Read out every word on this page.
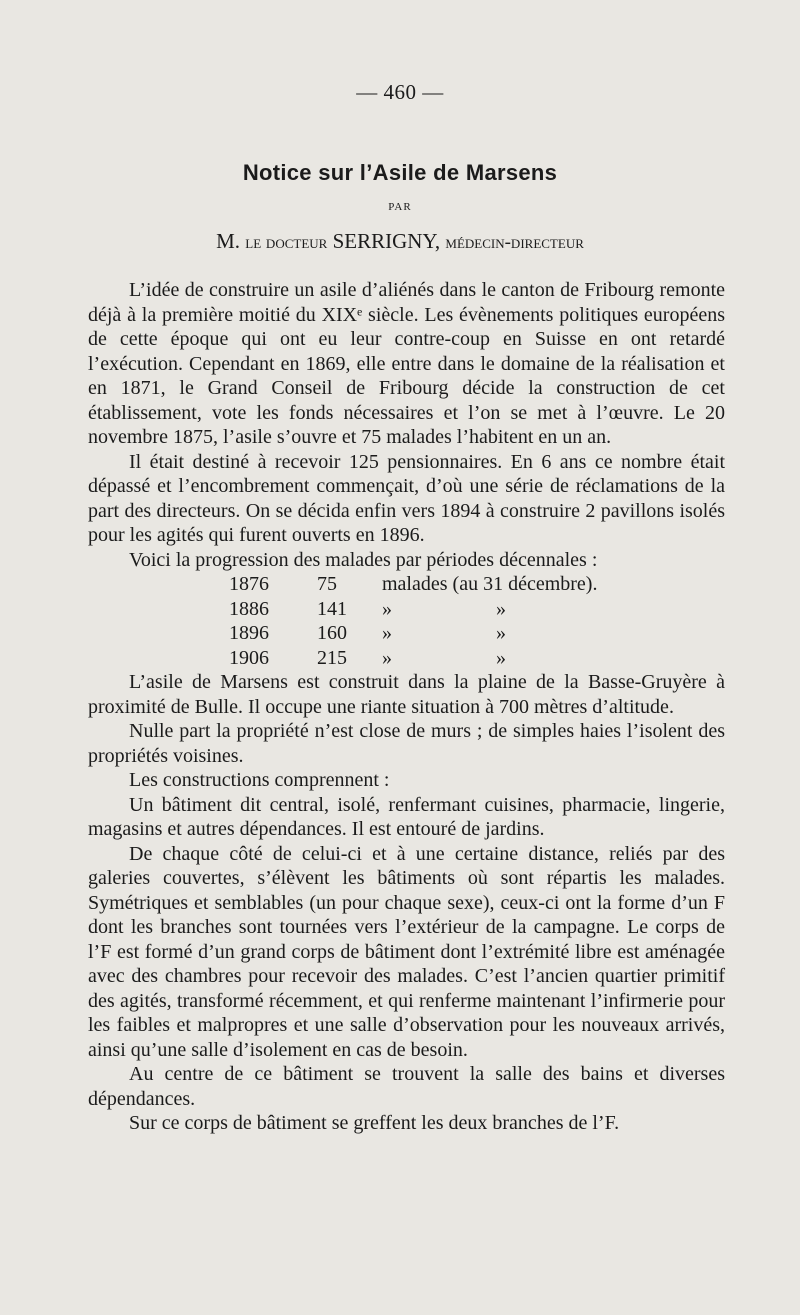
— 460 —
Notice sur l’Asile de Marsens
PAR
M. le docteur SERRIGNY, médecin-directeur

L’idée de construire un asile d’aliénés dans le canton de Fribourg remonte déjà à la première moitié du XIXᵉ siècle. Les évènements politiques européens de cette époque qui ont eu leur contre-coup en Suisse en ont retardé l’exécution. Cependant en 1869, elle entre dans le domaine de la réalisation et en 1871, le Grand Conseil de Fribourg décide la construction de cet établissement, vote les fonds nécessaires et l’on se met à l’œuvre. Le 20 novembre 1875, l’asile s’ouvre et 75 malades l’habitent en un an.

Il était destiné à recevoir 125 pensionnaires. En 6 ans ce nombre était dépassé et l’encombrement commençait, d’où une série de réclamations de la part des directeurs. On se décida enfin vers 1894 à construire 2 pavillons isolés pour les agités qui furent ouverts en 1896.

Voici la progression des malades par périodes décennales :

1876	75	malades (au 31 décembre).	
1886	141	»	»
1896	160	»	»
1906	215	»	»

L’asile de Marsens est construit dans la plaine de la Basse-Gruyère à proximité de Bulle. Il occupe une riante situation à 700 mètres d’altitude.

Nulle part la propriété n’est close de murs ; de simples haies l’isolent des propriétés voisines.

Les constructions comprennent :

Un bâtiment dit central, isolé, renfermant cuisines, pharmacie, lingerie, magasins et autres dépendances. Il est entouré de jardins.

De chaque côté de celui-ci et à une certaine distance, reliés par des galeries couvertes, s’élèvent les bâtiments où sont répartis les malades. Symétriques et semblables (un pour chaque sexe), ceux-ci ont la forme d’un F dont les branches sont tournées vers l’extérieur de la campagne. Le corps de l’F est formé d’un grand corps de bâtiment dont l’extrémité libre est aménagée avec des chambres pour recevoir des malades. C’est l’ancien quartier primitif des agités, transformé récemment, et qui renferme maintenant l’infirmerie pour les faibles et malpropres et une salle d’observation pour les nouveaux arrivés, ainsi qu’une salle d’isolement en cas de besoin.

Au centre de ce bâtiment se trouvent la salle des bains et diverses dépendances.

Sur ce corps de bâtiment se greffent les deux branches de l’F.
